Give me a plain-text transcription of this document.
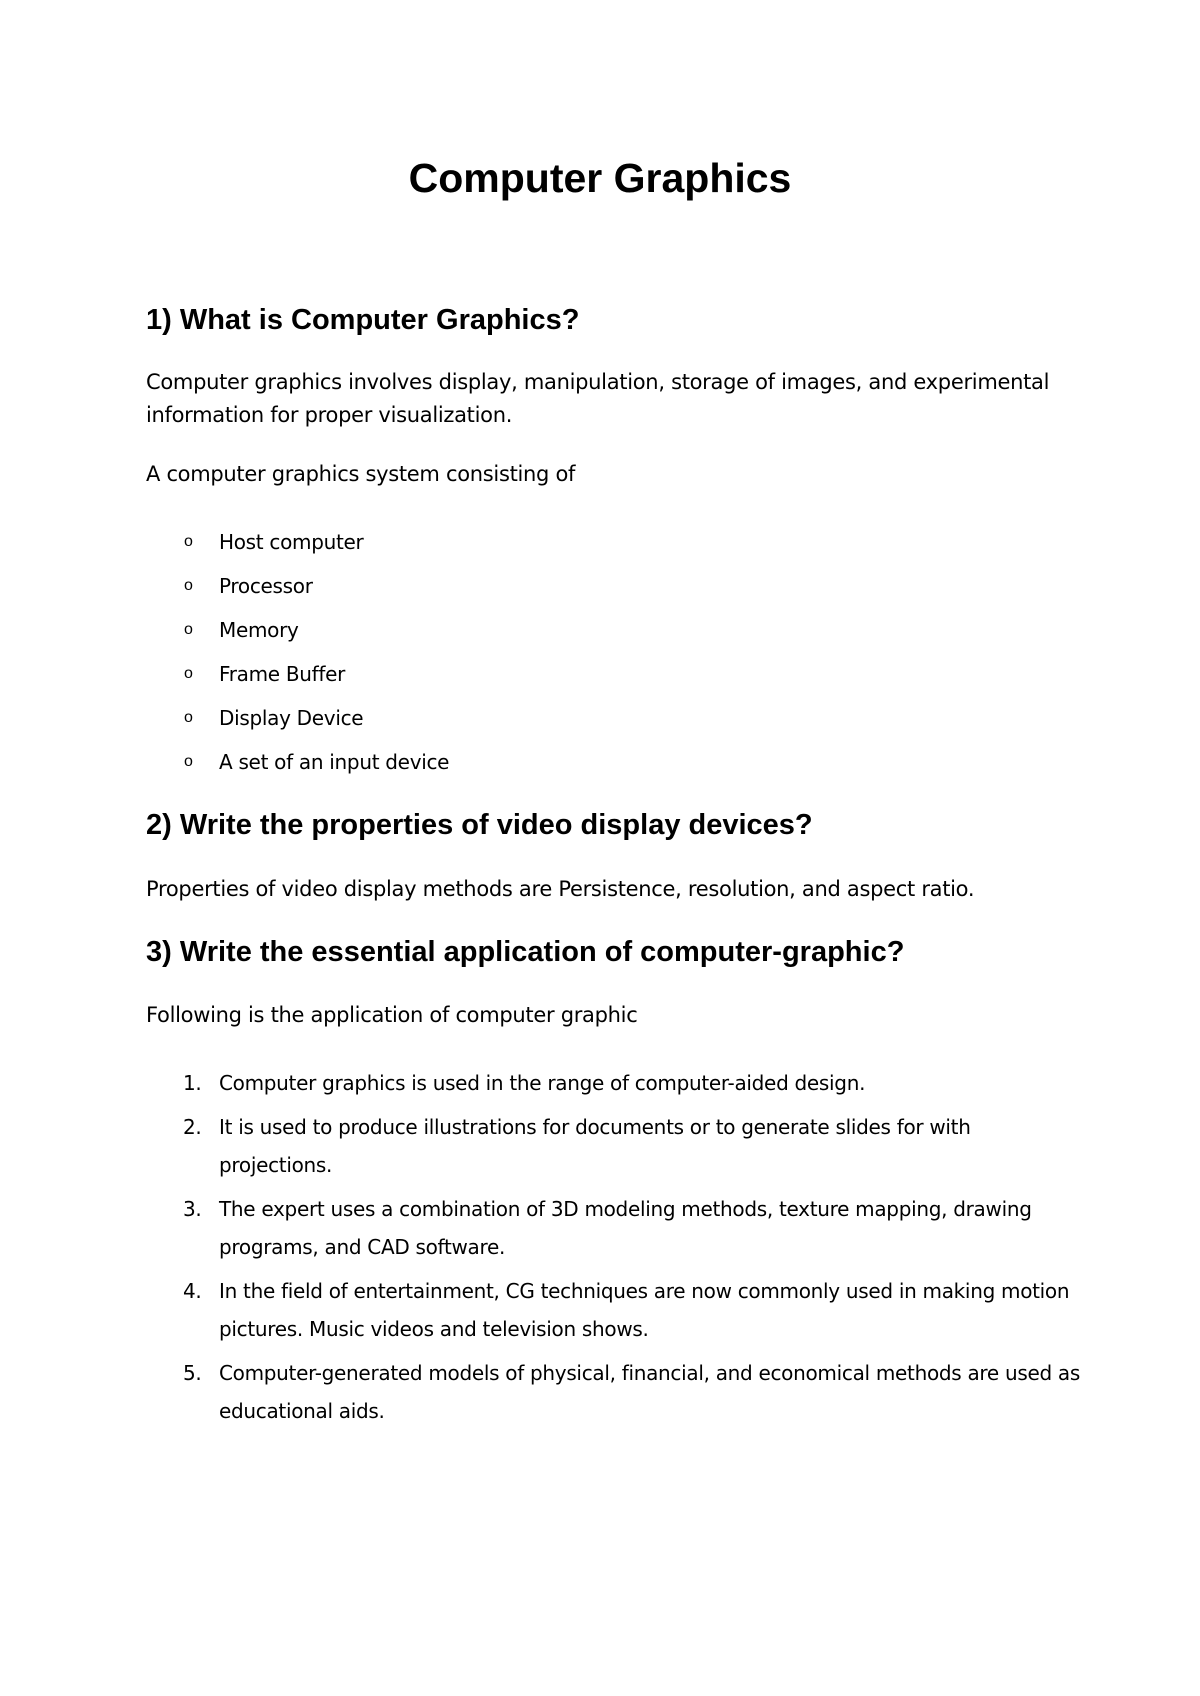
Computer Graphics
1) What is Computer Graphics?

Computer graphics involves display, manipulation, storage of images, and experimental information for proper visualization.

A computer graphics system consisting of

o Host computer
o Processor
o Memory
o Frame Buffer
o Display Device
o A set of an input device
2) Write the properties of video display devices?

Properties of video display methods are Persistence, resolution, and aspect ratio.

3) Write the essential application of computer-graphic?

Following is the application of computer graphic

1. Computer graphics is used in the range of computer-aided design.
2. It is used to produce illustrations for documents or to generate slides for with projections.
3. The expert uses a combination of 3D modeling methods, texture mapping, drawing programs, and CAD software.
4. In the field of entertainment, CG techniques are now commonly used in making motion pictures. Music videos and television shows.
5. Computer-generated models of physical, financial, and economical methods are used as educational aids.
